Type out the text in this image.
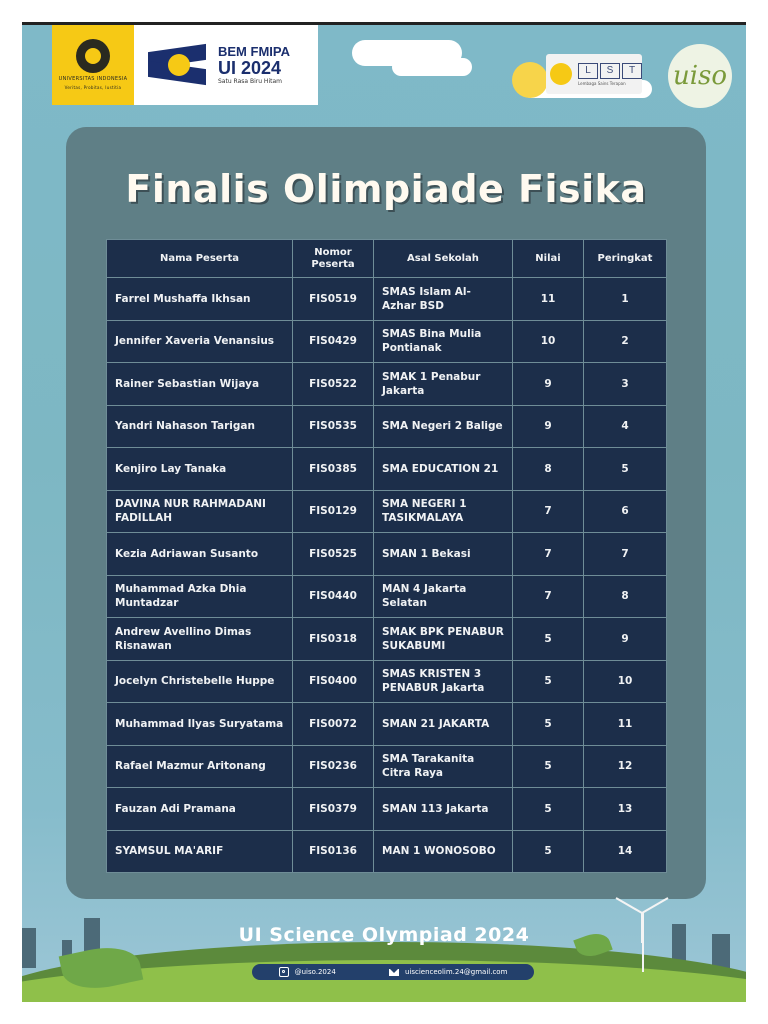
UNIVERSITAS INDONESIA
Veritas, Probitas, Iustitia
BEM FMIPA
UI 2024
Satu Rasa Biru Hitam
L	S	T
Lembaga Sains Terapan	uiso
Finalis Olimpiade Fisika
Nama Peserta	Nomor Peserta	Asal Sekolah	Nilai	Peringkat
Farrel Mushaffa Ikhsan	FIS0519	SMAS Islam Al-Azhar BSD	11	1
Jennifer Xaveria Venansius	FIS0429	SMAS Bina Mulia Pontianak	10	2
Rainer Sebastian Wijaya	FIS0522	SMAK 1 Penabur Jakarta	9	3
Yandri Nahason Tarigan	FIS0535	SMA Negeri 2 Balige	9	4
Kenjiro Lay Tanaka	FIS0385	SMA EDUCATION 21	8	5
DAVINA NUR RAHMADANI FADILLAH	FIS0129	SMA NEGERI 1 TASIKMALAYA	7	6
Kezia Adriawan Susanto	FIS0525	SMAN 1 Bekasi	7	7
Muhammad Azka Dhia Muntadzar	FIS0440	MAN 4 Jakarta Selatan	7	8
Andrew Avellino Dimas Risnawan	FIS0318	SMAK BPK PENABUR SUKABUMI	5	9
Jocelyn Christebelle Huppe	FIS0400	SMAS KRISTEN 3 PENABUR Jakarta	5	10
Muhammad Ilyas Suryatama	FIS0072	SMAN 21 JAKARTA	5	11
Rafael Mazmur Aritonang	FIS0236	SMA Tarakanita Citra Raya	5	12
Fauzan Adi Pramana	FIS0379	SMAN 113 Jakarta	5	13
SYAMSUL MA'ARIF	FIS0136	MAN 1 WONOSOBO	5	14
UI Science Olympiad 2024
@uiso.2024	uiscienceolim.24@gmail.com
